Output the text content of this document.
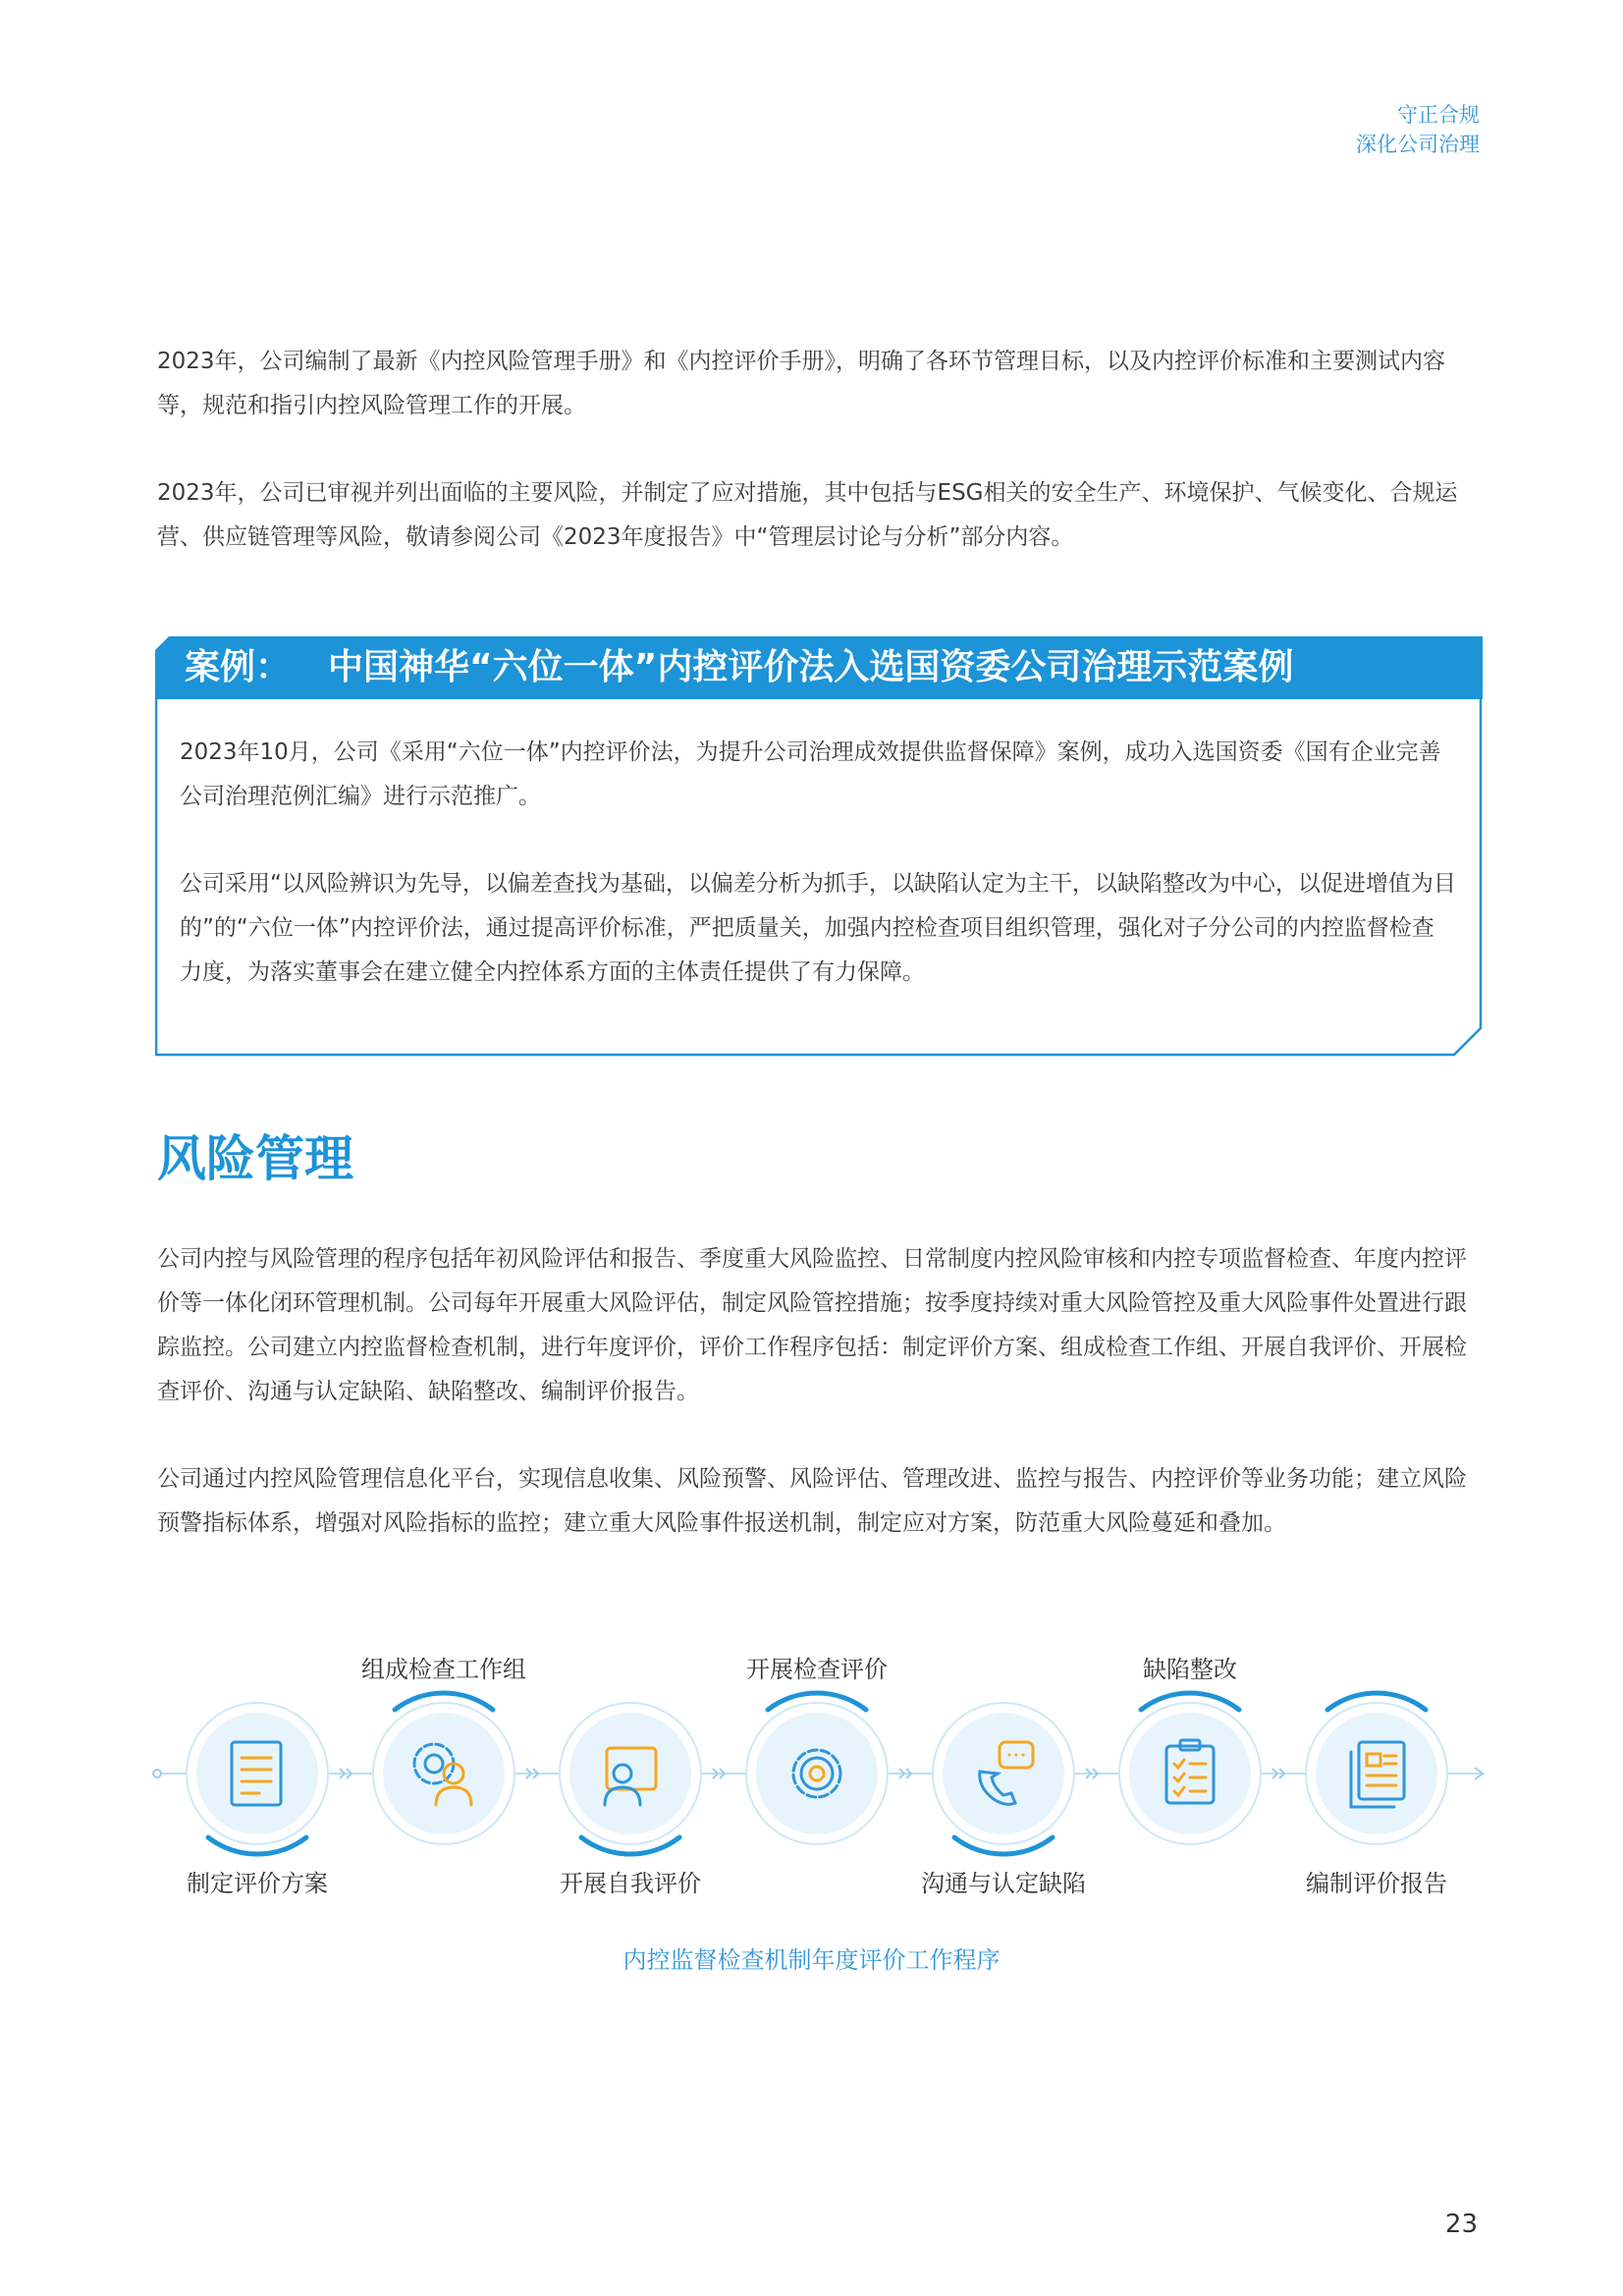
守正合规
深化公司治理

2023年，公司编制了最新《内控风险管理手册》和《内控评价手册》，明确了各环节管理目标，以及内控评价标准和主要测试内容等，规范和指引内控风险管理工作的开展。

2023年，公司已审视并列出面临的主要风险，并制定了应对措施，其中包括与ESG相关的安全生产、环境保护、气候变化、合规运营、供应链管理等风险，敬请参阅公司《2023年度报告》中“管理层讨论与分析”部分内容。

案例： 中国神华“六位一体”内控评价法入选国资委公司治理示范案例

2023年10月，公司《采用“六位一体”内控评价法，为提升公司治理成效提供监督保障》案例，成功入选国资委《国有企业完善公司治理范例汇编》进行示范推广。

公司采用“以风险辨识为先导，以偏差查找为基础，以偏差分析为抓手，以缺陷认定为主干，以缺陷整改为中心，以促进增值为目的”的“六位一体”内控评价法，通过提高评价标准，严把质量关，加强内控检查项目组织管理，强化对子分公司的内控监督检查力度，为落实董事会在建立健全内控体系方面的主体责任提供了有力保障。

风险管理

公司内控与风险管理的程序包括年初风险评估和报告、季度重大风险监控、日常制度内控风险审核和内控专项监督检查、年度内控评价等一体化闭环管理机制。公司每年开展重大风险评估，制定风险管控措施；按季度持续对重大风险管控及重大风险事件处置进行跟踪监控。公司建立内控监督检查机制，进行年度评价，评价工作程序包括：制定评价方案、组成检查工作组、开展自我评价、开展检查评价、沟通与认定缺陷、缺陷整改、编制评价报告。

公司通过内控风险管理信息化平台，实现信息收集、风险预警、风险评估、管理改进、监控与报告、内控评价等业务功能；建立风险预警指标体系，增强对风险指标的监控；建立重大风险事件报送机制，制定应对方案，防范重大风险蔓延和叠加。

制定评价方案
组成检查工作组
开展自我评价
开展检查评价
沟通与认定缺陷
缺陷整改
编制评价报告
内控监督检查机制年度评价工作程序
23
